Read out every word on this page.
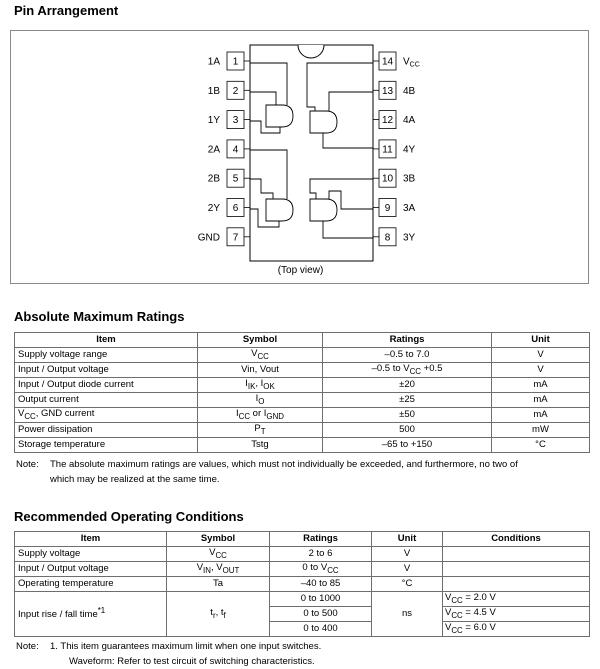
Pin Arrangement
1
1A
2
1B
3
1Y
4
2A
5
2B
6
2Y
7
GND
14 $V_{CC}$
13 4B
12 4A
11 4Y
10 3B
9 3A
8 3Y
(Top view)
Absolute Maximum Ratings
Item	Symbol	Ratings	Unit
Supply voltage range	$V_{CC}$	–0.5 to 7.0	V
Input / Output voltage	Vin, Vout	–0.5 to $V_{CC} +0.5$	V
Input / Output diode current	$I_{IK}$, $I_{OK}$	±20	mA
Output current	$I_O$	±25	mA
$V_{CC}$, GND current	$I_{CC}$ or $I_{GND}$	±50	mA
Power dissipation	$P_T$	500	mW
Storage temperature	Tstg	–65 to +150	°C
Note: The absolute maximum ratings are values, which must not individually be exceeded, and furthermore, no two of
which may be realized at the same time.
Recommended Operating Conditions
Item	Symbol	Ratings	Unit	Conditions
Supply voltage	$V_{CC}$	2 to 6	V	
Input / Output voltage	$V_{IN}$, $V_{OUT}$	0 to $V_{CC}$	V	
Operating temperature	Ta	–40 to 85	°C	
Input rise / fall time$^{*1}$	$t_r$, $t_f$	0 to 1000	ns	$V_{CC} = 2.0$ V
		0 to 500		$V_{CC} = 4.5$ V
		0 to 400		$V_{CC} = 6.0$ V
Note: 1. This item guarantees maximum limit when one input switches.
Waveform: Refer to test circuit of switching characteristics.
